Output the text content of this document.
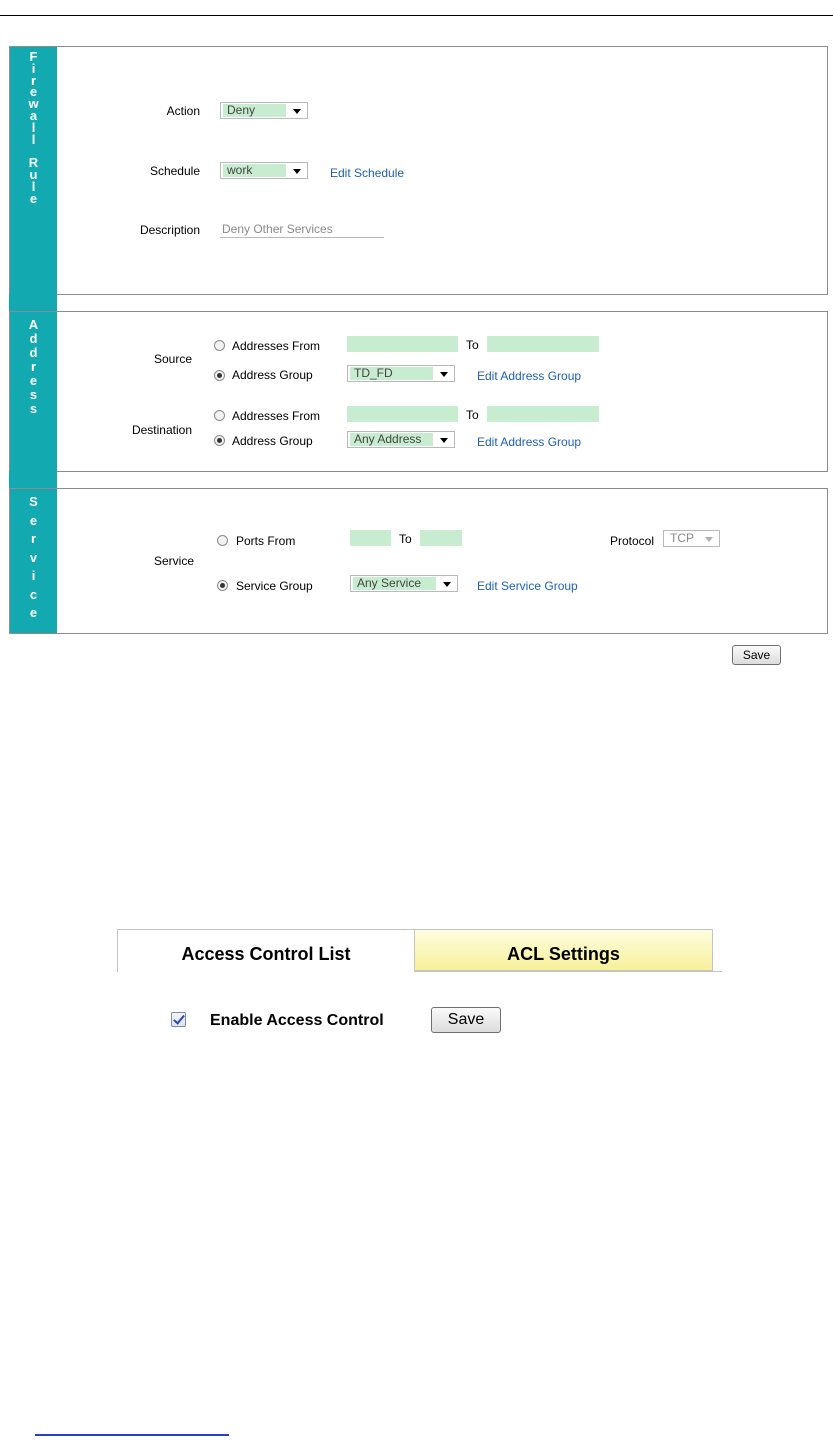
F
i
r
e
w
a
l
l

R
u
l
e
Action	Deny
Schedule	work	Edit Schedule
Description
Deny Other Services
A
d
d
r
e
s
s
Source
Addresses From	To
Address Group	TD_FD	Edit Address Group
Destination
Addresses From	To
Address Group	Any Address	Edit Address Group
S
e
r
v
i
c
e
Service
Ports From	To	Protocol	TCP
Service Group	Any Service	Edit Service Group
Save
Access Control List	ACL Settings
Enable Access Control	Save
